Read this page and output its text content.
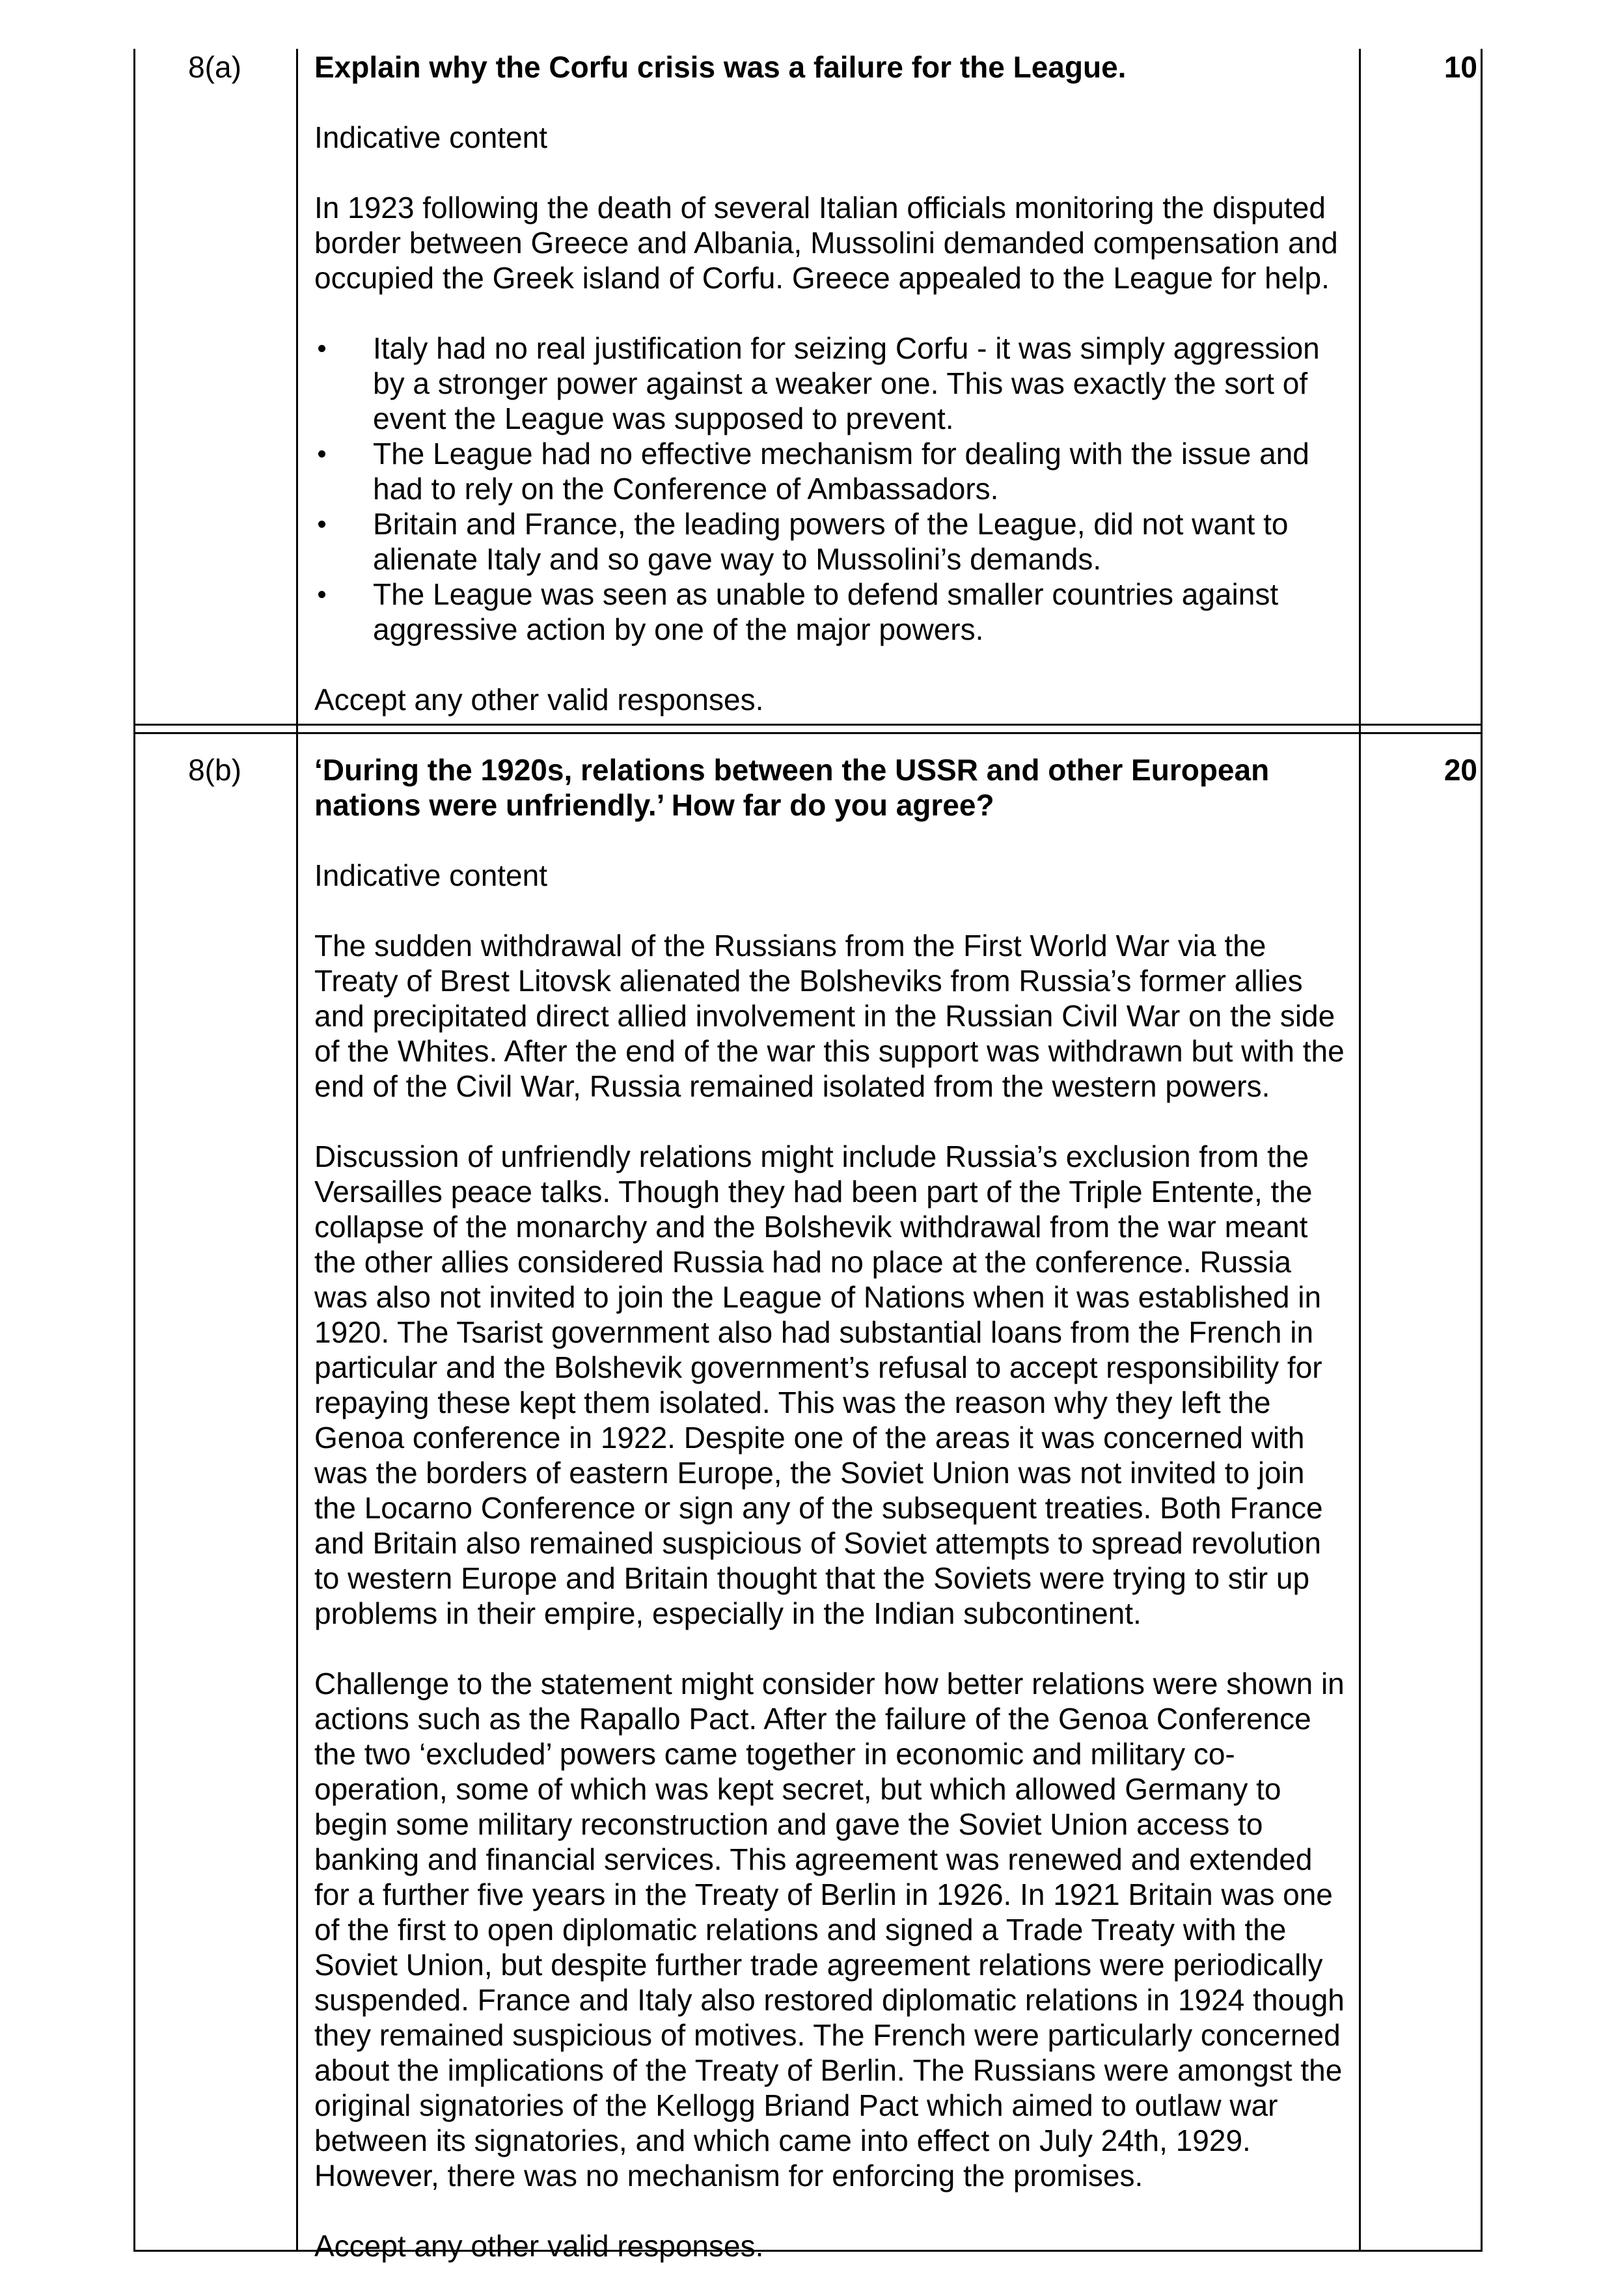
8(a)	10

Explain why the Corfu crisis was a failure for the League.

Indicative content

In 1923 following the death of several Italian officials monitoring the disputed
border between Greece and Albania, Mussolini demanded compensation and
occupied the Greek island of Corfu. Greece appealed to the League for help.
Italy had no real justification for seizing Corfu - it was simply aggression
by a stronger power against a weaker one. This was exactly the sort of
event the League was supposed to prevent.
The League had no effective mechanism for dealing with the issue and
had to rely on the Conference of Ambassadors.
Britain and France, the leading powers of the League, did not want to
alienate Italy and so gave way to Mussolini’s demands.
The League was seen as unable to defend smaller countries against
aggressive action by one of the major powers.

Accept any other valid responses.

8(b)	20
‘During the 1920s, relations between the USSR and other European
nations were unfriendly.’ How far do you agree?

Indicative content

The sudden withdrawal of the Russians from the First World War via the
Treaty of Brest Litovsk alienated the Bolsheviks from Russia’s former allies
and precipitated direct allied involvement in the Russian Civil War on the side
of the Whites. After the end of the war this support was withdrawn but with the
end of the Civil War, Russia remained isolated from the western powers.
Discussion of unfriendly relations might include Russia’s exclusion from the
Versailles peace talks. Though they had been part of the Triple Entente, the
collapse of the monarchy and the Bolshevik withdrawal from the war meant
the other allies considered Russia had no place at the conference. Russia
was also not invited to join the League of Nations when it was established in
1920. The Tsarist government also had substantial loans from the French in
particular and the Bolshevik government’s refusal to accept responsibility for
repaying these kept them isolated. This was the reason why they left the
Genoa conference in 1922. Despite one of the areas it was concerned with
was the borders of eastern Europe, the Soviet Union was not invited to join
the Locarno Conference or sign any of the subsequent treaties. Both France
and Britain also remained suspicious of Soviet attempts to spread revolution
to western Europe and Britain thought that the Soviets were trying to stir up
problems in their empire, especially in the Indian subcontinent.
Challenge to the statement might consider how better relations were shown in
actions such as the Rapallo Pact. After the failure of the Genoa Conference
the two ‘excluded’ powers came together in economic and military co-
operation, some of which was kept secret, but which allowed Germany to
begin some military reconstruction and gave the Soviet Union access to
banking and financial services. This agreement was renewed and extended
for a further five years in the Treaty of Berlin in 1926. In 1921 Britain was one
of the first to open diplomatic relations and signed a Trade Treaty with the
Soviet Union, but despite further trade agreement relations were periodically
suspended. France and Italy also restored diplomatic relations in 1924 though
they remained suspicious of motives. The French were particularly concerned
about the implications of the Treaty of Berlin. The Russians were amongst the
original signatories of the Kellogg Briand Pact which aimed to outlaw war
between its signatories, and which came into effect on July 24th, 1929.
However, there was no mechanism for enforcing the promises.

Accept any other valid responses.
